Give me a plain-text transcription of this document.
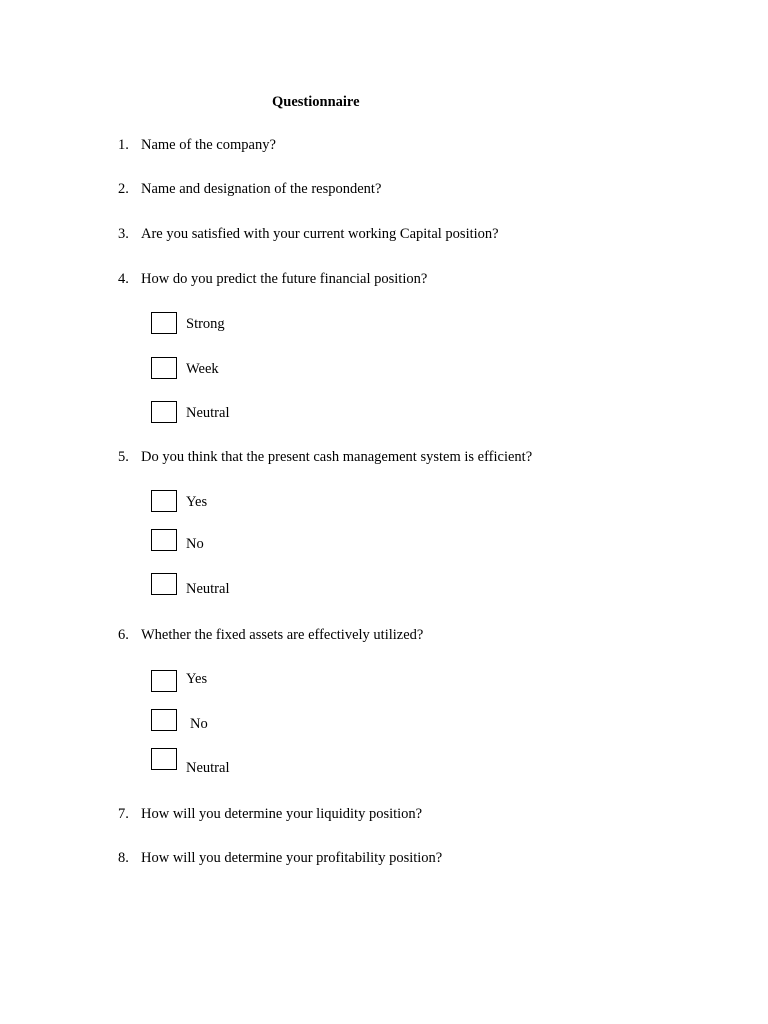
Questionnaire
1. Name of the company?
2. Name and designation of the respondent?
3. Are you satisfied with your current working Capital position?
4. How do you predict the future financial position?
Strong
Week
Neutral
5. Do you think that the present cash management system is efficient?
Yes
No
Neutral
6. Whether the fixed assets are effectively utilized?
Yes
No
Neutral
7. How will you determine your liquidity position?
8. How will you determine your profitability position?
